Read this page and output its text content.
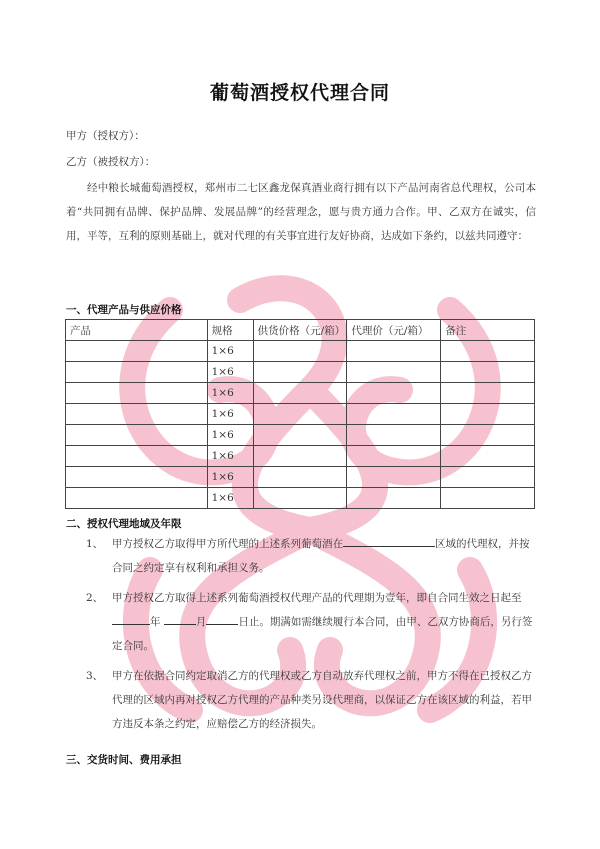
葡萄酒授权代理合同
甲方（授权方）：
乙方（被授权方）：
经中粮长城葡萄酒授权，郑州市二七区鑫龙保真酒业商行拥有以下产品河南省总代理权，公司本着“共同拥有品牌、保护品牌、发展品牌”的经营理念，愿与贵方通力合作。甲、乙双方在诚实，信用，平等，互利的原则基础上，就对代理的有关事宜进行友好协商，达成如下条约，以兹共同遵守：
一、代理产品与供应价格
产品	规格	供货价格（元/箱）	代理价（元/箱）	备注
	1×6			
	1×6			
	1×6			
	1×6			
	1×6			
	1×6			
	1×6			
	1×6			
二、授权代理地域及年限
1、 甲方授权乙方取得甲方所代理的上述系列葡萄酒在	区域的代理权，并按合同之约定享有权利和承担义务。
2、 甲方授权乙方取得上述系列葡萄酒授权代理产品的代理期为壹年，即自合同生效之日起至
年	月	日止。期满如需继续履行本合同，由甲、乙双方协商后，另行签定合同。
3、 甲方在依据合同约定取消乙方的代理权或乙方自动放弃代理权之前，甲方不得在已授权乙方代理的区域内再对授权乙方代理的产品种类另设代理商，以保证乙方在该区域的利益，若甲方违反本条之约定，应赔偿乙方的经济损失。
三、交货时间、费用承担
